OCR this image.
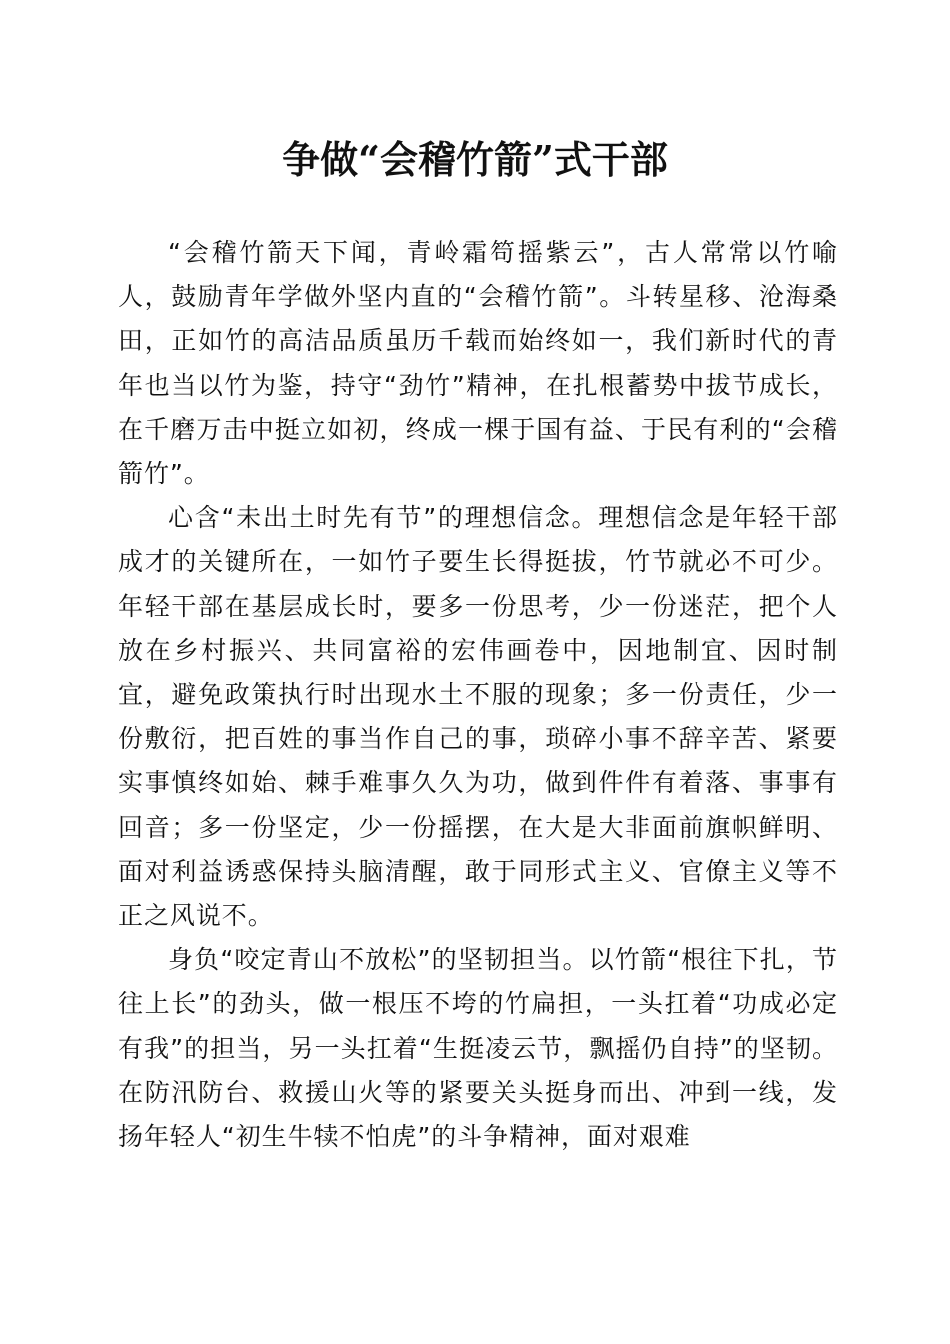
争做“会稽竹箭”式干部

“会稽竹箭天下闻，青岭霜笱摇紫云”，古人常常以竹喻人，鼓励青年学做外坚内直的“会稽竹箭”。斗转星移、沧海桑田，正如竹的高洁品质虽历千载而始终如一，我们新时代的青年也当以竹为鉴，持守“劲竹”精神，在扎根蓄势中拔节成长，在千磨万击中挺立如初，终成一棵于国有益、于民有利的“会稽箭竹”。

心含“未出土时先有节”的理想信念。理想信念是年轻干部成才的关键所在，一如竹子要生长得挺拔，竹节就必不可少。年轻干部在基层成长时，要多一份思考，少一份迷茫，把个人放在乡村振兴、共同富裕的宏伟画卷中，因地制宜、因时制宜，避免政策执行时出现水土不服的现象；多一份责任，少一份敷衍，把百姓的事当作自己的事，琐碎小事不辞辛苦、紧要实事慎终如始、棘手难事久久为功，做到件件有着落、事事有回音；多一份坚定，少一份摇摆，在大是大非面前旗帜鲜明、面对利益诱惑保持头脑清醒，敢于同形式主义、官僚主义等不正之风说不。

身负“咬定青山不放松”的坚韧担当。以竹箭“根往下扎，节往上长”的劲头，做一根压不垮的竹扁担，一头扛着“功成必定有我”的担当，另一头扛着“生挺凌云节，飘摇仍自持”的坚韧。在防汛防台、救援山火等的紧要关头挺身而出、冲到一线，发扬年轻人“初生牛犊不怕虎”的斗争精神，面对艰难
